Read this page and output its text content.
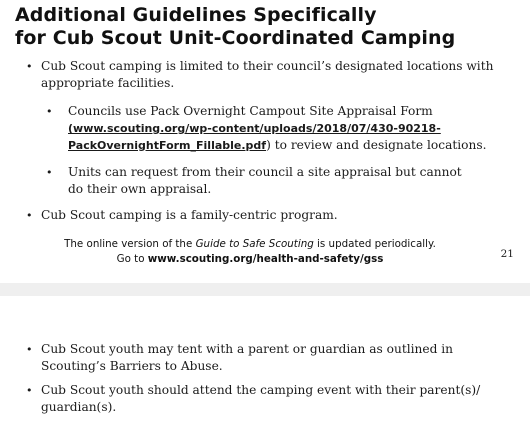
Additional Guidelines Specifically
for Cub Scout Unit-Coordinated Camping
• Cub Scout camping is limited to their council’s designated locations with appropriate facilities.
• Councils use Pack Overnight Campout Site Appraisal Form
(www.scouting.org/wp-content/uploads/2018/07/430-90218-
PackOvernightForm_Fillable.pdf) to review and designate locations.
• Units can request from their council a site appraisal but cannot
do their own appraisal.
• Cub Scout camping is a family-centric program.
The online version of the Guide to Safe Scouting is updated periodically.
Go to www.scouting.org/health-and-safety/gss	21
• Cub Scout youth may tent with a parent or guardian as outlined in Scouting’s Barriers to Abuse.
• Cub Scout youth should attend the camping event with their parent(s)/
guardian(s).
